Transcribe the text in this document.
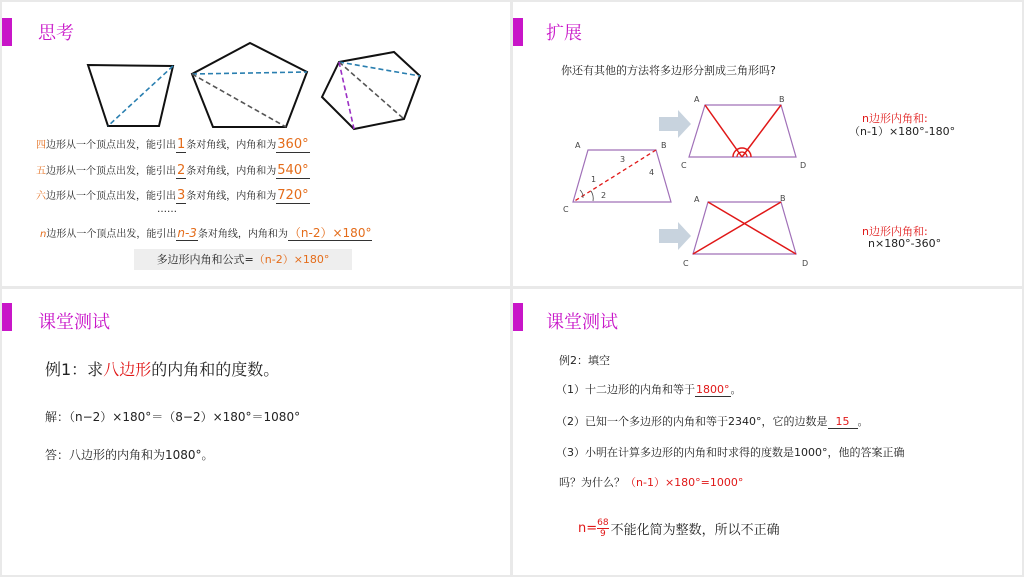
思考
四边形从一个顶点出发，能引出1条对角线，内角和为360°
五边形从一个顶点出发，能引出2条对角线，内角和为540°
六边形从一个顶点出发，能引出3条对角线，内角和为720°
……
n边形从一个顶点出发，能引出n-3条对角线，内角和为（n-2）×180°
多边形内角和公式=（n-2）×180°
扩展
你还有其他的方法将多边形分割成三角形吗?
A	B
C
1
2
3
4
A	B
C	D
A	B
C	D
n边形内角和:
（n-1）×180°-180°
n边形内角和:
n×180°-360°
课堂测试
例1：求八边形的内角和的度数。
解：（n−2）×180°＝（8−2）×180°＝1080°
答：八边形的内角和为1080°。
课堂测试
例2：填空
（1）十二边形的内角和等于1800°。
（2）已知一个多边形的内角和等于2340°，它的边数是 15 。
（3）小明在计算多边形的内角和时求得的度数是1000°，他的答案正确
吗？为什么？（n-1）×180°=1000°
$n= \frac{68}{9}$ 不能化简为整数，所以不正确
